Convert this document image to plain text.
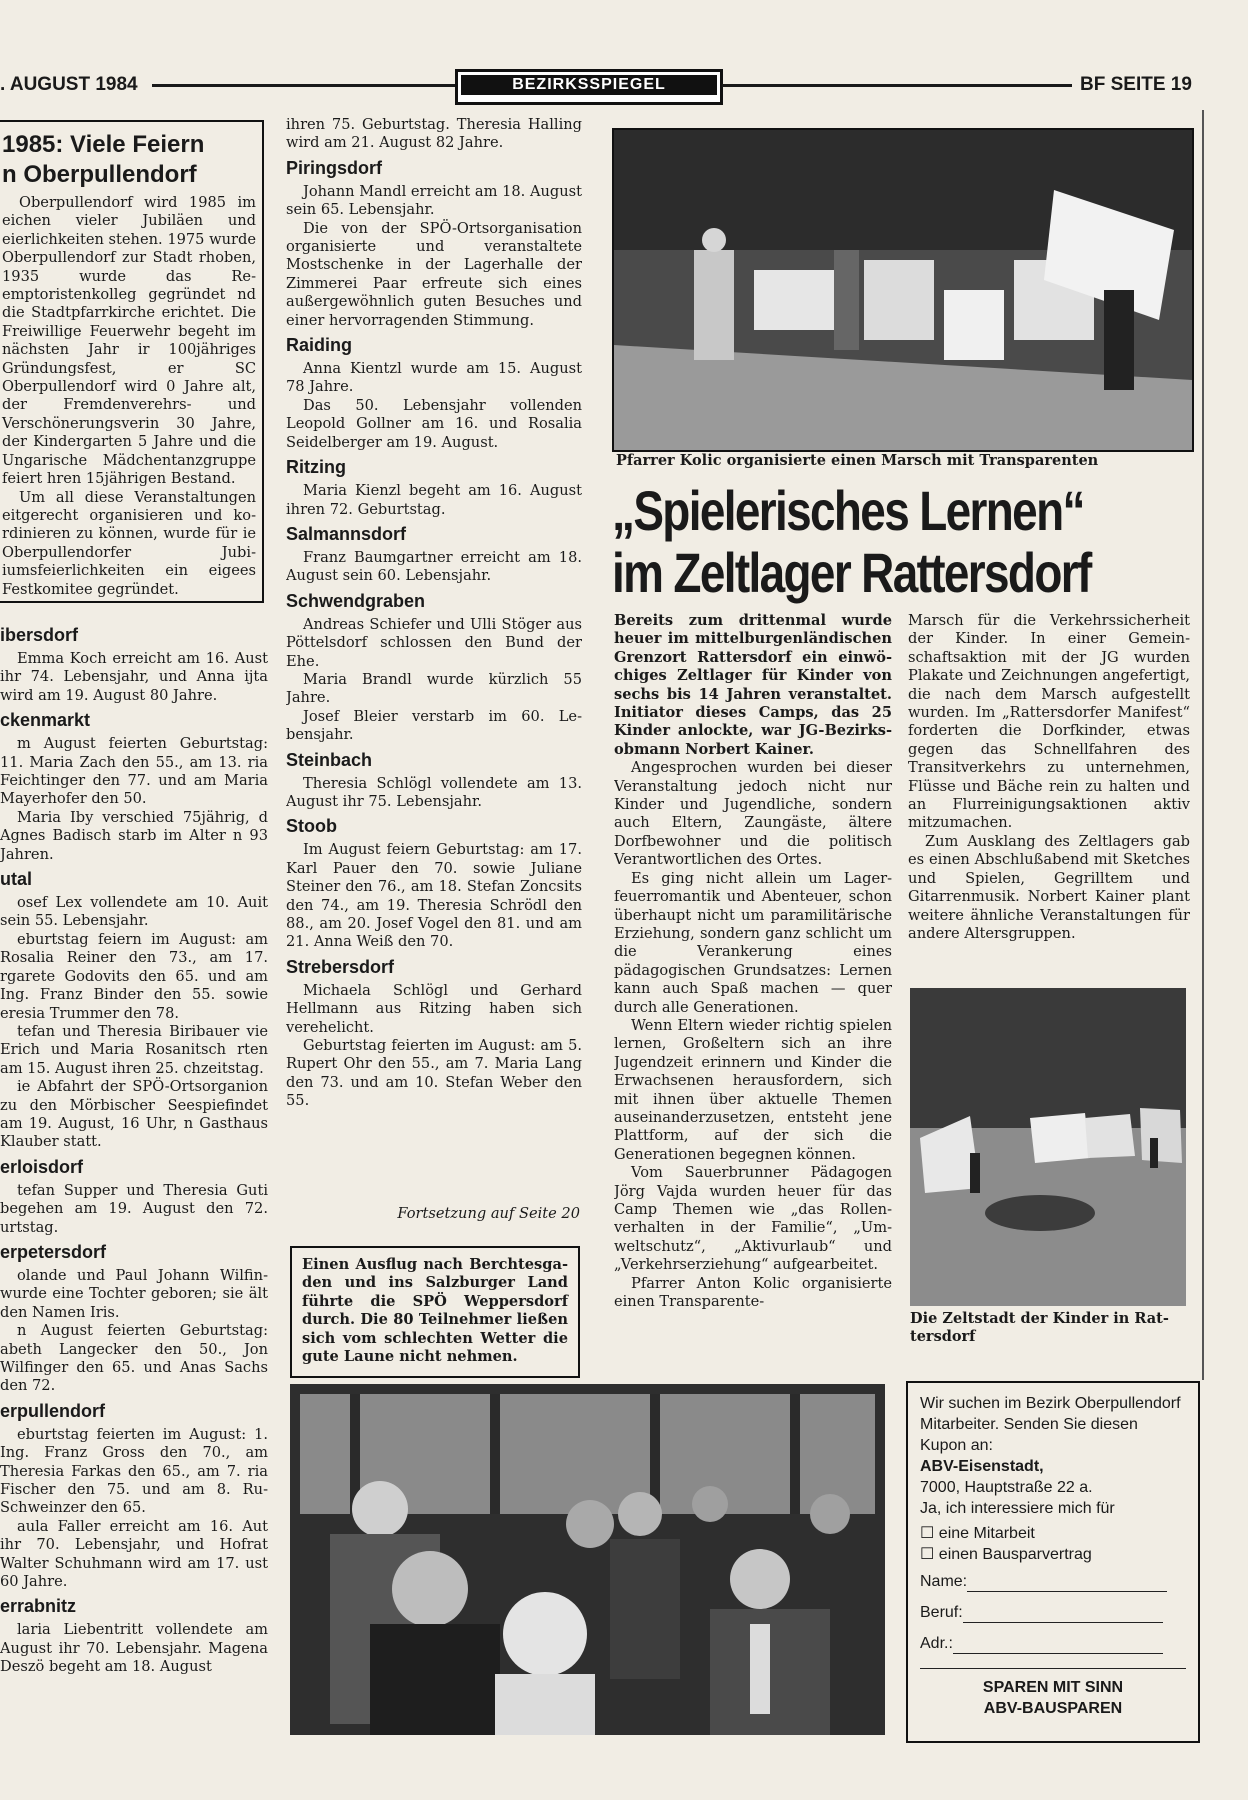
. AUGUST 1984	BEZIRKSSPIEGEL	BF SEITE 19
1985: Viele Feiern
n Oberpullendorf

Oberpullendorf wird 1985 im eichen vieler Jubiläen und eierlichkeiten stehen. 1975 wurde Oberpullendorf zur Stadt rhoben, 1935 wurde das Reemptoristenkolleg gegründet nd die Stadtpfarrkirche erichtet. Die Freiwillige Feuerwehr begeht im nächsten Jahr ir 100jähriges Gründungsfest, er SC Oberpullendorf wird 0 Jahre alt, der Fremdenverehrs- und Verschönerungsverin 30 Jahre, der Kindergarten 5 Jahre und die Ungarische Mädchentanzgruppe feiert hren 15jährigen Bestand.

Um all diese Veranstaltungen eitgerecht organisieren und kordinieren zu können, wurde für ie Oberpullendorfer Jubiiumsfeierlichkeiten ein eigees Festkomitee gegründet.

ibersdorf

Emma Koch erreicht am 16. Aust ihr 74. Lebensjahr, und Anna ijta wird am 19. August 80 Jahre.

ckenmarkt

m August feierten Geburtstag: 11. Maria Zach den 55., am 13. ria Feichtinger den 77. und am Maria Mayerhofer den 50.

Maria Iby verschied 75jährig, d Agnes Badisch starb im Alter n 93 Jahren.

utal

osef Lex vollendete am 10. Auit sein 55. Lebensjahr.

eburtstag feiern im August: am Rosalia Reiner den 73., am 17. rgarete Godovits den 65. und am Ing. Franz Binder den 55. sowie eresia Trummer den 78.

tefan und Theresia Biribauer vie Erich und Maria Rosanitsch rten am 15. August ihren 25. chzeitstag.

ie Abfahrt der SPÖ-Ortsorganion zu den Mörbischer Seespiefindet am 19. August, 16 Uhr, n Gasthaus Klauber statt.

erloisdorf

tefan Supper und Theresia Guti begehen am 19. August den 72. urtstag.

erpetersdorf

olande und Paul Johann Wilfinwurde eine Tochter geboren; sie ält den Namen Iris.

n August feierten Geburtstag: abeth Langecker den 50., Jon Wilfinger den 65. und Anas Sachs den 72.

erpullendorf

eburtstag feierten im August: 1. Ing. Franz Gross den 70., am Theresia Farkas den 65., am 7. ria Fischer den 75. und am 8. RuSchweinzer den 65.

aula Faller erreicht am 16. Aut ihr 70. Lebensjahr, und Hofrat Walter Schuhmann wird am 17. ust 60 Jahre.

errabnitz

laria Liebentritt vollendete am August ihr 70. Lebensjahr. Magena Deszö begeht am 18. August

ihren 75. Geburtstag. Theresia Halling wird am 21. August 82 Jahre.

Piringsdorf

Johann Mandl erreicht am 18. August sein 65. Lebensjahr.

Die von der SPÖ-Ortsorganisation organisierte und veranstaltete Mostschenke in der Lagerhalle der Zimmerei Paar erfreute sich eines außergewöhnlich guten Besuches und einer hervorragenden Stimmung.

Raiding

Anna Kientzl wurde am 15. August 78 Jahre.

Das 50. Lebensjahr vollenden Leopold Gollner am 16. und Rosalia Seidelberger am 19. August.

Ritzing

Maria Kienzl begeht am 16. August ihren 72. Geburtstag.

Salmannsdorf

Franz Baumgartner erreicht am 18. August sein 60. Lebensjahr.

Schwendgraben

Andreas Schiefer und Ulli Stöger aus Pöttelsdorf schlossen den Bund der Ehe.

Maria Brandl wurde kürzlich 55 Jahre.

Josef Bleier verstarb im 60. Lebensjahr.

Steinbach

Theresia Schlögl vollendete am 13. August ihr 75. Lebensjahr.

Stoob

Im August feiern Geburtstag: am 17. Karl Pauer den 70. sowie Juliane Steiner den 76., am 18. Stefan Zoncsits den 74., am 19. Theresia Schrödl den 88., am 20. Josef Vogel den 81. und am 21. Anna Weiß den 70.

Strebersdorf

Michaela Schlögl und Gerhard Hellmann aus Ritzing haben sich verehelicht.

Geburtstag feierten im August: am 5. Rupert Ohr den 55., am 7. Maria Lang den 73. und am 10. Stefan Weber den 55.

Einen Ausflug nach Berchtesgaden und ins Salzburger Land führte die SPÖ Weppersdorf durch. Die 80 Teilnehmer ließen sich vom schlechten Wetter die gute Laune nicht nehmen.

Pfarrer Kolic organisierte einen Marsch mit Transparenten
„Spielerisches Lernen“
im Zeltlager Rattersdorf

Bereits zum drittenmal wurde heuer im mittelburgenländischen Grenzort Rattersdorf ein einwöchiges Zeltlager für Kinder von sechs bis 14 Jahren veranstaltet. Initiator dieses Camps, das 25 Kinder anlockte, war JG-Bezirksobmann Norbert Kainer.

Angesprochen wurden bei dieser Veranstaltung jedoch nicht nur Kinder und Jugendliche, sondern auch Eltern, Zaungäste, ältere Dorfbewohner und die politisch Verantwortlichen des Ortes.

Es ging nicht allein um Lagerfeuerromantik und Abenteuer, schon überhaupt nicht um paramilitärische Erziehung, sondern ganz schlicht um die Verankerung eines pädagogischen Grundsatzes: Lernen kann auch Spaß machen — quer durch alle Generationen.

Wenn Eltern wieder richtig spielen lernen, Großeltern sich an ihre Jugendzeit erinnern und Kinder die Erwachsenen herausfordern, sich mit ihnen über aktuelle Themen auseinanderzusetzen, entsteht jene Plattform, auf der sich die Generationen begegnen können.

Vom Sauerbrunner Pädagogen Jörg Vajda wurden heuer für das Camp Themen wie „das Rollenverhalten in der Familie“, „Umweltschutz“, „Aktivurlaub“ und „Verkehrserziehung“ aufgearbeitet.

Pfarrer Anton Kolic organisierte einen Transparente-

Marsch für die Verkehrssicherheit der Kinder. In einer Gemeinschaftsaktion mit der JG wurden Plakate und Zeichnungen angefertigt, die nach dem Marsch aufgestellt wurden. Im „Rattersdorfer Manifest“ forderten die Dorfkinder, etwas gegen das Schnellfahren des Transitverkehrs zu unternehmen, Flüsse und Bäche rein zu halten und an Flurreinigungsaktionen aktiv mitzumachen.

Zum Ausklang des Zeltlagers gab es einen Abschlußabend mit Sketches und Spielen, Gegrilltem und Gitarrenmusik. Norbert Kainer plant weitere ähnliche Veranstaltungen für andere Altersgruppen.

Die Zeltstadt der Kinder in Rattersdorf
Wir suchen im Bezirk Oberpullendorf Mitarbeiter. Senden Sie diesen Kupon an:
ABV-Eisenstadt,
7000, Hauptstraße 22 a.
Ja, ich interessiere mich für
☐ eine Mitarbeit
☐ einen Bausparvertrag
Name:
Beruf:
Adr.:
SPAREN MIT SINN
ABV-BAUSPAREN
Fortsetzung auf Seite 20
